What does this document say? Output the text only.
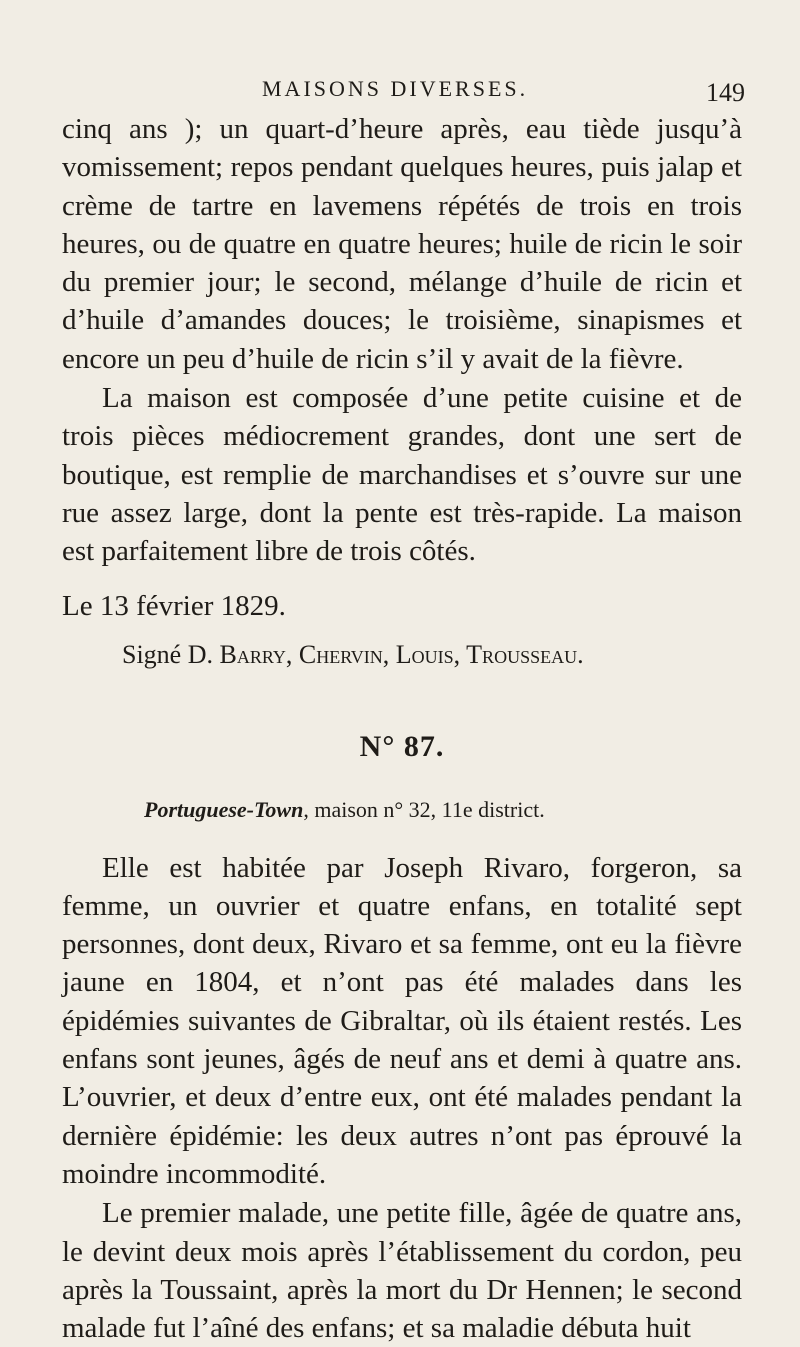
MAISONS DIVERSES.	149

cinq ans ); un quart-d’heure après, eau tiède jusqu’à vomissement; repos pendant quelques heures, puis jalap et crème de tartre en lavemens répétés de trois en trois heures, ou de quatre en quatre heures; huile de ricin le soir du premier jour; le second, mélange d’huile de ricin et d’huile d’amandes douces; le troisième, sinapismes et encore un peu d’huile de ricin s’il y avait de la fièvre.

La maison est composée d’une petite cuisine et de trois pièces médiocrement grandes, dont une sert de boutique, est remplie de marchandises et s’ouvre sur une rue assez large, dont la pente est très-rapide. La maison est parfaitement libre de trois côtés.

Le 13 février 1829.

Signé D. Barry, Chervin, Louis, Trousseau.

N° 87.

Portuguese-Town, maison n° 32, 11e district.

Elle est habitée par Joseph Rivaro, forgeron, sa femme, un ouvrier et quatre enfans, en totalité sept personnes, dont deux, Rivaro et sa femme, ont eu la fièvre jaune en 1804, et n’ont pas été malades dans les épidémies suivantes de Gibraltar, où ils étaient restés. Les enfans sont jeunes, âgés de neuf ans et demi à quatre ans. L’ouvrier, et deux d’entre eux, ont été malades pendant la dernière épidémie: les deux autres n’ont pas éprouvé la moindre incommodité.

Le premier malade, une petite fille, âgée de quatre ans, le devint deux mois après l’établissement du cordon, peu après la Toussaint, après la mort du Dr Hennen; le second malade fut l’aîné des enfans; et sa maladie débuta huit
